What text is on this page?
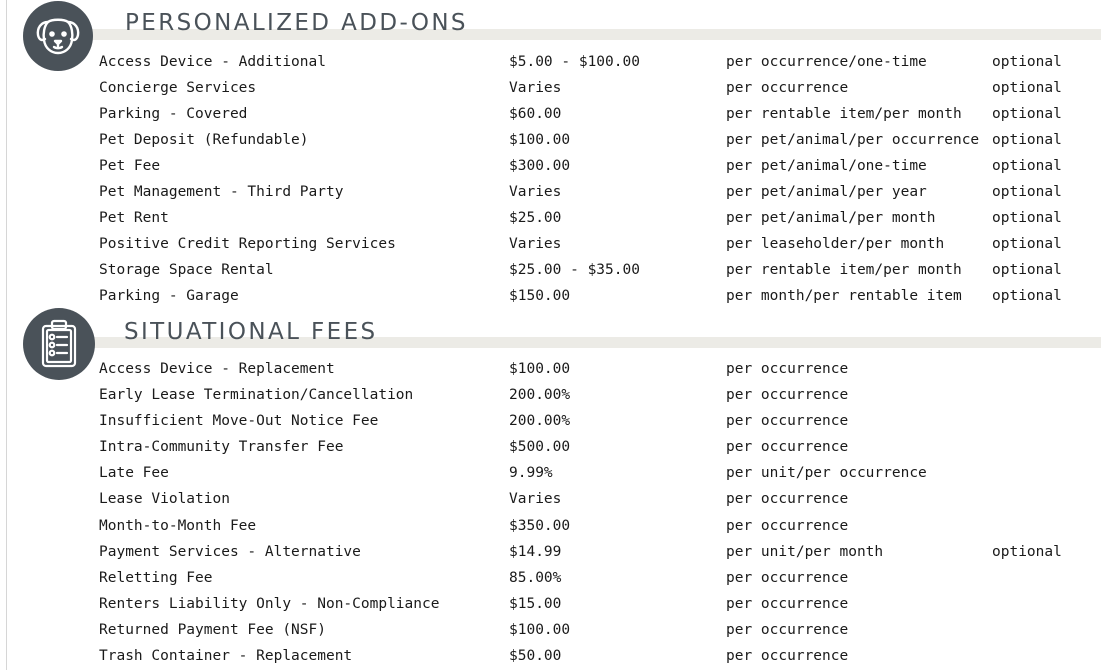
PERSONALIZED ADD-ONS
Access Device - Additional	$5.00 - $100.00	per occurrence/one-time	optional
Concierge Services	Varies	per occurrence	optional
Parking - Covered	$60.00	per rentable item/per month optional
Pet Deposit (Refundable)	$100.00	per pet/animal/per occurrence optional
Pet Fee	$300.00	per pet/animal/one-time	optional
Pet Management - Third Party	Varies	per pet/animal/per year	optional
Pet Rent	$25.00	per pet/animal/per month	optional
Positive Credit Reporting Services	Varies	per leaseholder/per month	optional
Storage Space Rental	$25.00 - $35.00	per rentable item/per month optional
Parking - Garage	$150.00	per month/per rentable item optional
SITUATIONAL FEES
Access Device - Replacement	$100.00	per occurrence
Early Lease Termination/Cancellation	200.00%	per occurrence
Insufficient Move-Out Notice Fee	200.00%	per occurrence
Intra-Community Transfer Fee	$500.00	per occurrence
Late Fee	9.99%	per unit/per occurrence
Lease Violation	Varies	per occurrence
Month-to-Month Fee	$350.00	per occurrence
Payment Services - Alternative	$14.99	per unit/per month	optional
Reletting Fee	85.00%	per occurrence
Renters Liability Only - Non-Compliance	$15.00	per occurrence
Returned Payment Fee (NSF)	$100.00	per occurrence
Trash Container - Replacement	$50.00	per occurrence
